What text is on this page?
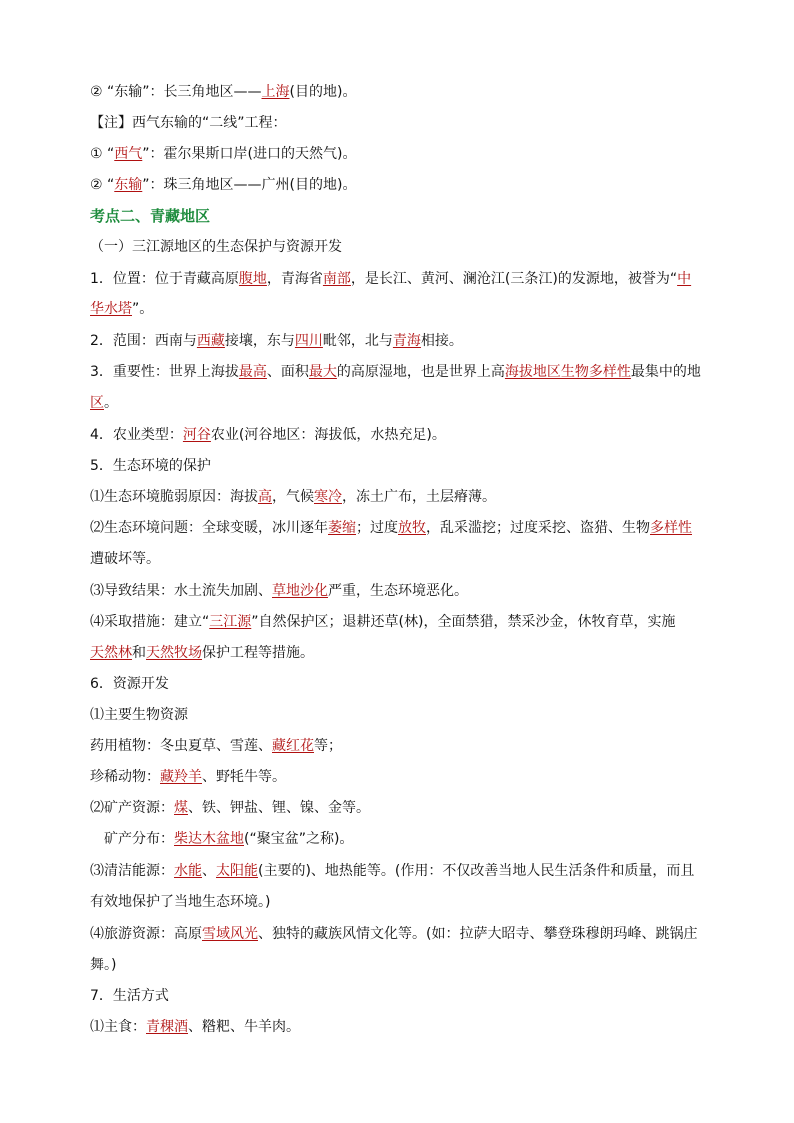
② “东输”：长三角地区——上海(目的地)。
【注】西气东输的“二线”工程：
① “西气”：霍尔果斯口岸(进口的天然气)。
② “东输”：珠三角地区——广州(目的地)。
考点二、青藏地区
（一）三江源地区的生态保护与资源开发
1．位置：位于青藏高原腹地，青海省南部，是长江、黄河、澜沧江(三条江)的发源地，被誉为“中
华水塔”。
2．范围：西南与西藏接壤，东与四川毗邻，北与青海相接。
3．重要性：世界上海拔最高、面积最大的高原湿地，也是世界上高海拔地区生物多样性最集中的地
区。
4．农业类型：河谷农业(河谷地区：海拔低，水热充足)。
5．生态环境的保护
⑴生态环境脆弱原因：海拔高，气候寒冷，冻土广布，土层瘠薄。
⑵生态环境问题：全球变暖，冰川逐年萎缩；过度放牧，乱采滥挖；过度采挖、盗猎、生物多样性
遭破坏等。
⑶导致结果：水土流失加剧、草地沙化严重，生态环境恶化。
⑷采取措施：建立“三江源”自然保护区；退耕还草(林)，全面禁猎，禁采沙金，休牧育草，实施
天然林和天然牧场保护工程等措施。
6．资源开发
⑴主要生物资源
药用植物：冬虫夏草、雪莲、藏红花等；
珍稀动物：藏羚羊、野牦牛等。
⑵矿产资源：煤、铁、钾盐、锂、镍、金等。
矿产分布：柴达木盆地(“聚宝盆”之称)。
⑶清洁能源：水能、太阳能(主要的)、地热能等。(作用：不仅改善当地人民生活条件和质量，而且
有效地保护了当地生态环境。)
⑷旅游资源：高原雪域风光、独特的藏族风情文化等。(如：拉萨大昭寺、攀登珠穆朗玛峰、跳锅庄
舞。)
7．生活方式
⑴主食：青稞酒、糌粑、牛羊肉。
